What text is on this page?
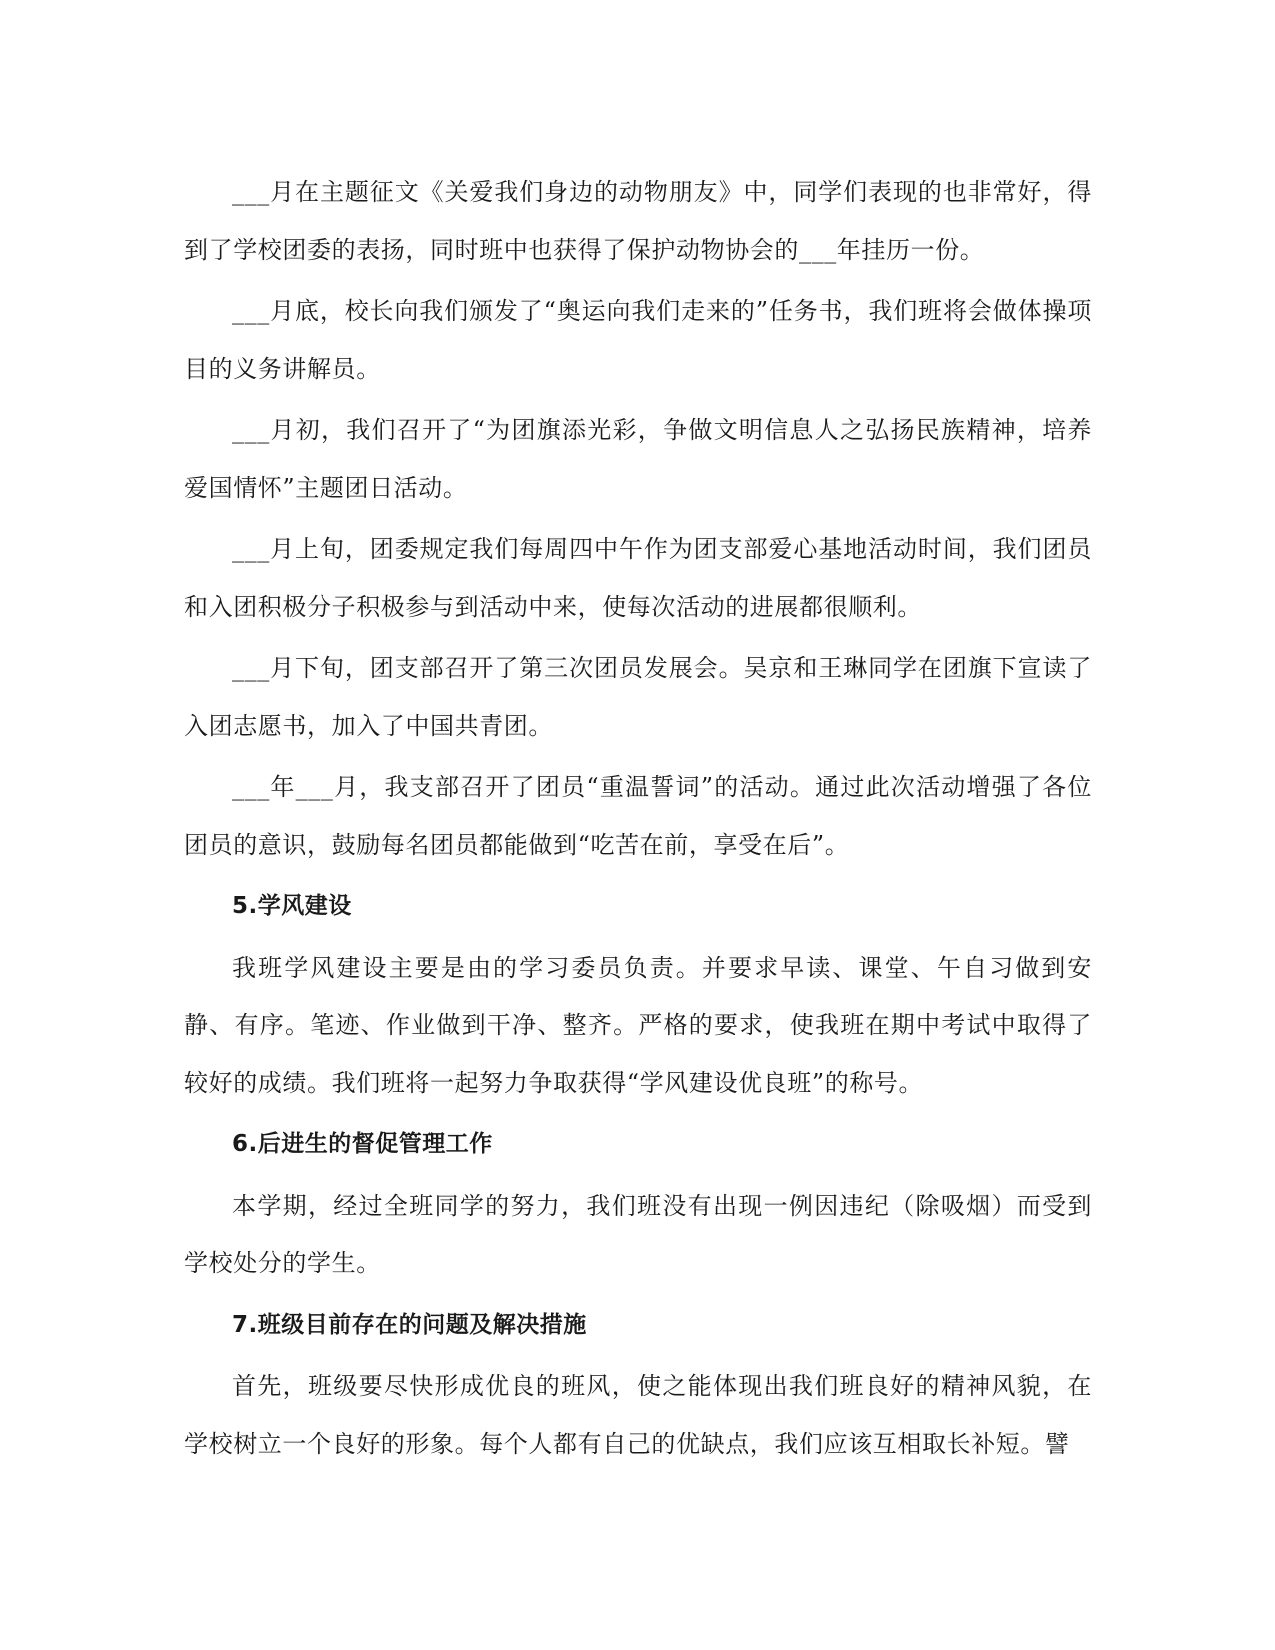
___月在主题征文《关爱我们身边的动物朋友》中，同学们表现的也非常好，得到了学校团委的表扬，同时班中也获得了保护动物协会的___年挂历一份。

___月底，校长向我们颁发了“奥运向我们走来的”任务书，我们班将会做体操项目的义务讲解员。

___月初，我们召开了“为团旗添光彩，争做文明信息人之弘扬民族精神，培养爱国情怀”主题团日活动。

___月上旬，团委规定我们每周四中午作为团支部爱心基地活动时间，我们团员和入团积极分子积极参与到活动中来，使每次活动的进展都很顺利。

___月下旬，团支部召开了第三次团员发展会。吴京和王琳同学在团旗下宣读了入团志愿书，加入了中国共青团。

___年___月，我支部召开了团员“重温誓词”的活动。通过此次活动增强了各位团员的意识，鼓励每名团员都能做到“吃苦在前，享受在后”。

5.学风建设

我班学风建设主要是由的学习委员负责。并要求早读、课堂、午自习做到安静、有序。笔迹、作业做到干净、整齐。严格的要求，使我班在期中考试中取得了较好的成绩。我们班将一起努力争取获得“学风建设优良班”的称号。

6.后进生的督促管理工作

本学期，经过全班同学的努力，我们班没有出现一例因违纪（除吸烟）而受到学校处分的学生。

7.班级目前存在的问题及解决措施

首先，班级要尽快形成优良的班风，使之能体现出我们班良好的精神风貌，在学校树立一个良好的形象。每个人都有自己的优缺点，我们应该互相取长补短。譬
